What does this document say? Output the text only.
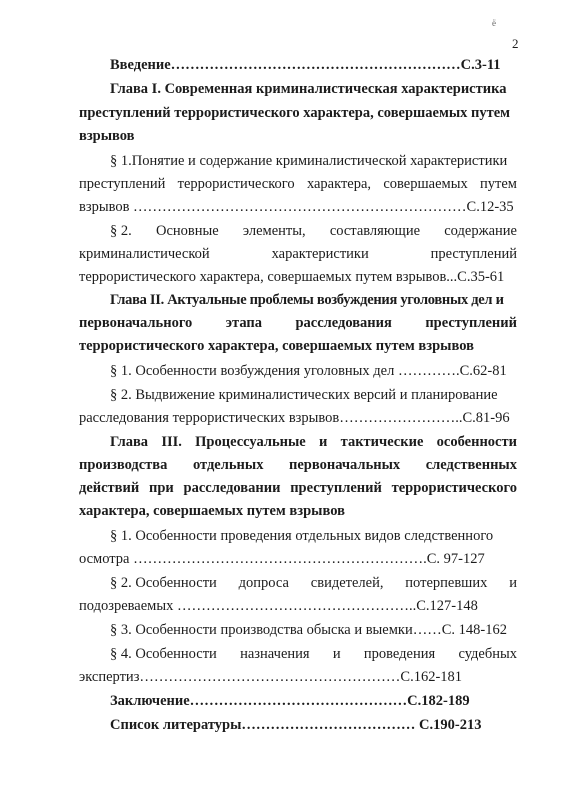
ё
2
Введение……………………………………………………С.3-11
Глава I. Современная криминалистическая характеристика
преступлений террористического характера, совершаемых путем
взрывов
§ 1.Понятие и содержание криминалистической характеристики
преступлений террористического характера, совершаемых путем
взрывов ……………………………………………………………С.12-35
§ 2. Основные элементы, составляющие содержание
криминалистической	характеристики	преступлений
террористического характера, совершаемых путем взрывов...С.35-61
Глава II. Актуальные проблемы возбуждения уголовных дел и
первоначального этапа расследования преступлений
террористического характера, совершаемых путем взрывов
§ 1. Особенности возбуждения уголовных дел ………….С.62-81
§ 2. Выдвижение криминалистических версий и планирование
расследования террористических взрывов……………………..С.81-96
Глава III. Процессуальные и тактические особенности
производства отдельных первоначальных следственных
действий при расследовании преступлений террористического
характера, совершаемых путем взрывов
§ 1. Особенности проведения отдельных видов следственного
осмотра …………………………………………………….С. 97-127
§ 2. Особенности допроса свидетелей, потерпевших и
подозреваемых …………………………………………..С.127-148
§ 3. Особенности производства обыска и выемки……С. 148-162
§ 4. Особенности назначения и проведения судебных
экспертиз………………………………………………С.162-181
Заключение………………………………………С.182-189
Список литературы……………………………… С.190-213
